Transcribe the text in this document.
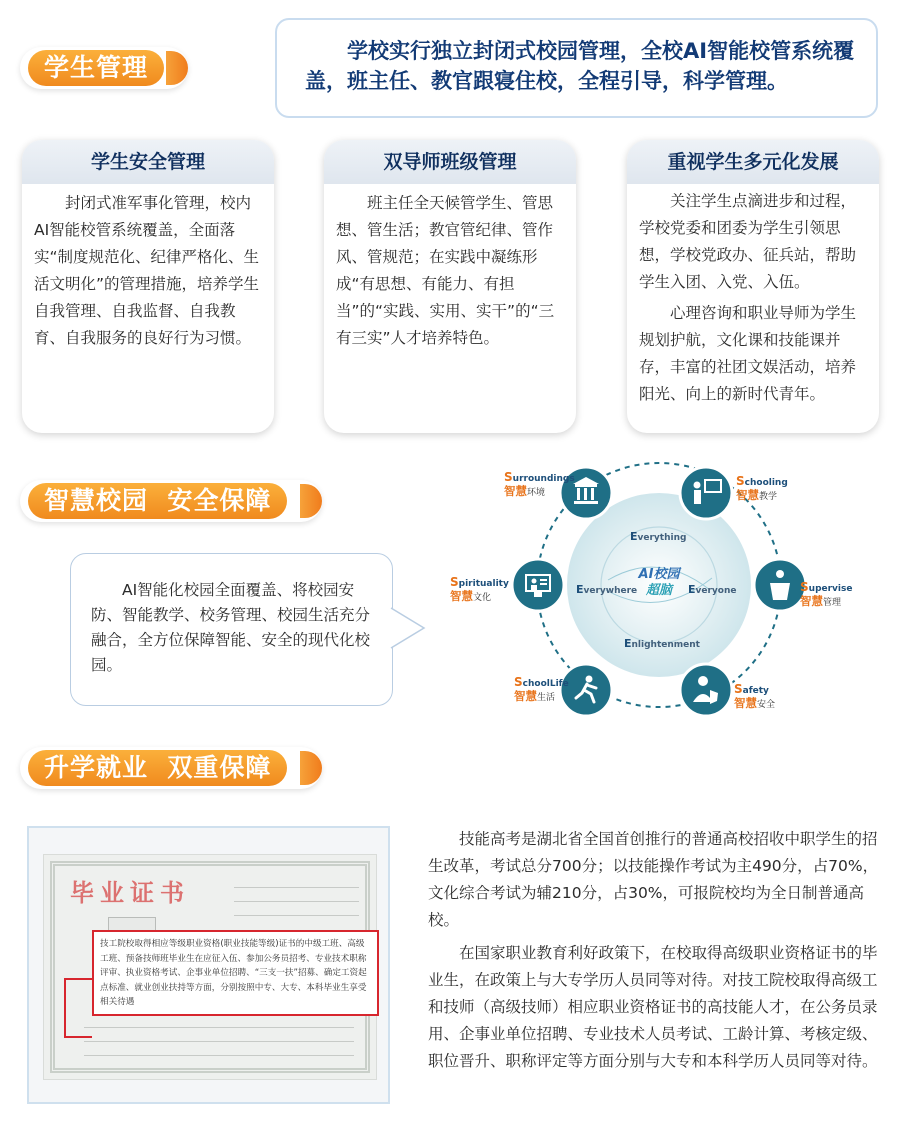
学生管理

学校实行独立封闭式校园管理，全校AI智能校管系统覆盖，班主任、教官跟寝住校，全程引导，科学管理。

学生安全管理

封闭式准军事化管理，校内AI智能校管系统覆盖，全面落实“制度规范化、纪律严格化、生活文明化”的管理措施，培养学生自我管理、自我监督、自我教育、自我服务的良好行为习惯。

双导师班级管理

班主任全天候管学生、管思想、管生活；教官管纪律、管作风、管规范；在实践中凝练形成“有思想、有能力、有担当”的“实践、实用、实干”的“三有三实”人才培养特色。

重视学生多元化发展

关注学生点滴进步和过程，学校党委和团委为学生引领思想，学校党政办、征兵站，帮助学生入团、入党、入伍。

心理咨询和职业导师为学生规划护航，文化课和技能课并存，丰富的社团文娱活动，培养阳光、向上的新时代青年。

智慧校园  安全保障

AI智能化校园全面覆盖、将校园安防、智能教学、校务管理、校园生活充分融合，全方位保障智能、安全的现代化校园。

AI校园
超脑
Everything
Everywhere	Everyone
Enlightenment
Surroundings
智慧环境
Schooling
智慧教学
Supervise
智慧管理
Safety
智慧安全
SchoolLife
智慧生活
Spirituality
智慧文化
升学就业  双重保障
毕业证书
技工院校取得相应等级职业资格(职业技能等级)证书的中级工班、高级工班、预备技师班毕业生在应征入伍、参加公务员招考、专业技术职称评审、执业资格考试、企事业单位招聘、“三支一扶”招募、确定工资起点标准、就业创业扶持等方面，分别按照中专、大专、本科毕业生享受相关待遇

技能高考是湖北省全国首创推行的普通高校招收中职学生的招生改革，考试总分700分；以技能操作考试为主490分，占70%，文化综合考试为辅210分，占30%，可报院校均为全日制普通高校。

在国家职业教育利好政策下，在校取得高级职业资格证书的毕业生，在政策上与大专学历人员同等对待。对技工院校取得高级工和技师（高级技师）相应职业资格证书的高技能人才，在公务员录用、企事业单位招聘、专业技术人员考试、工龄计算、考核定级、职位晋升、职称评定等方面分别与大专和本科学历人员同等对待。
